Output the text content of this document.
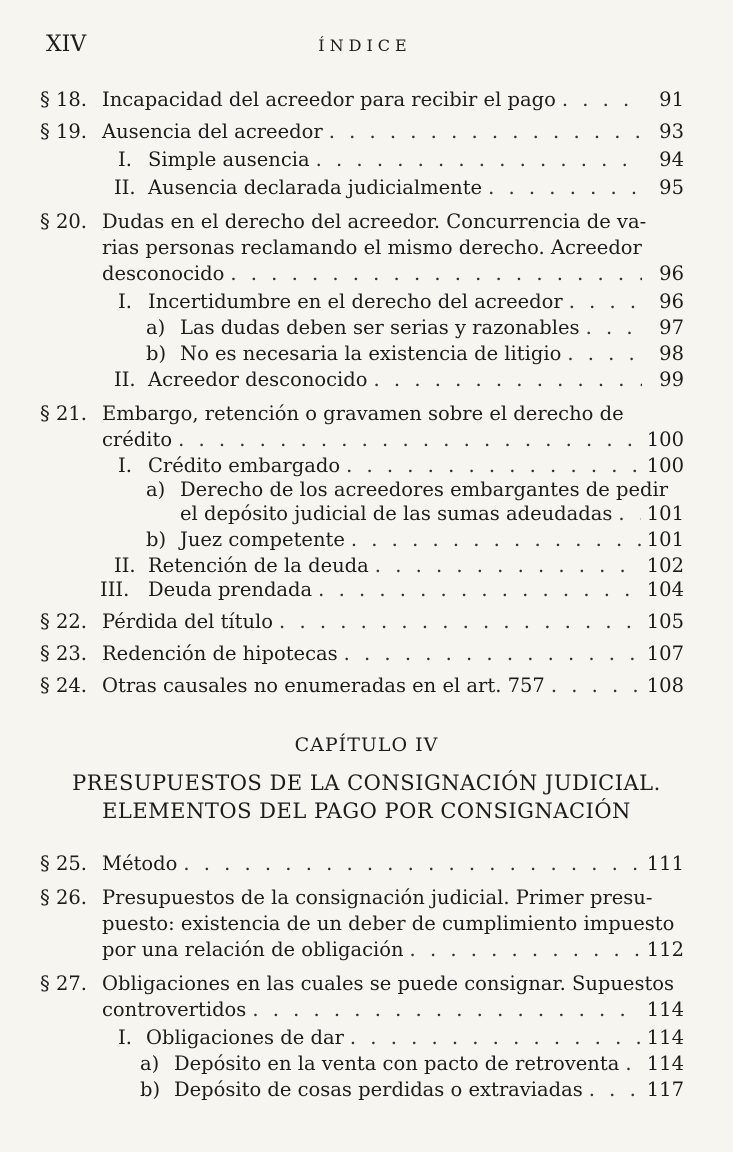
XIV	ÍNDICE
§ 18. Incapacidad del acreedor para recibir el pago . . .	91
§ 19. Ausencia del acreedor . . .	93
I. Simple ausencia . . .	94
II. Ausencia declarada judicialmente . . .	95
§ 20. Dudas en el derecho del acreedor. Concurrencia de va-
rias personas reclamando el mismo derecho. Acreedor
desconocido . . .	96
I. Incertidumbre en el derecho del acreedor . . .	96
a) Las dudas deben ser serias y razonables . . .	97
b) No es necesaria la existencia de litigio . . .	98
II. Acreedor desconocido . . .	99
§ 21. Embargo, retención o gravamen sobre el derecho de
crédito . . .	100
I. Crédito embargado . . .	100
a) Derecho de los acreedores embargantes de pedir
el depósito judicial de las sumas adeudadas . . . 101
b) Juez competente . . .	101
II. Retención de la deuda . . .	102
III. Deuda prendada . . .	104
§ 22. Pérdida del título . . .	105
§ 23. Redención de hipotecas . . .	107
§ 24. Otras causales no enumeradas en el art. 757 . . .	108
CAPÍTULO IV
PRESUPUESTOS DE LA CONSIGNACIÓN JUDICIAL.
ELEMENTOS DEL PAGO POR CONSIGNACIÓN
§ 25. Método . . .	111
§ 26. Presupuestos de la consignación judicial. Primer presu-
puesto: existencia de un deber de cumplimiento impuesto
por una relación de obligación . . .	112
§ 27. Obligaciones en las cuales se puede consignar. Supuestos
controvertidos . . .	114
I. Obligaciones de dar . . .	114
a) Depósito en la venta con pacto de retroventa . . . 114
b) Depósito de cosas perdidas o extraviadas . . .	117
